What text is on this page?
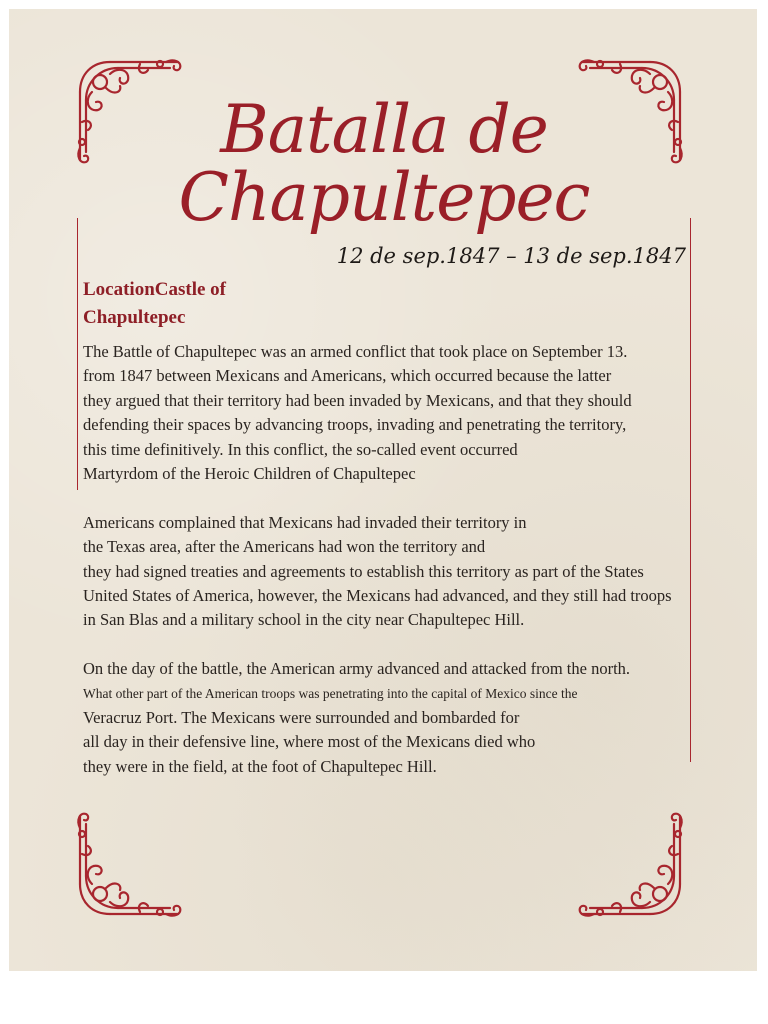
Batalla de
Chapultepec
12 de sep.1847 – 13 de sep.1847
LocationCastle of
Chapultepec
The Battle of Chapultepec was an armed conflict that took place on September 13.
from 1847 between Mexicans and Americans, which occurred because the latter
they argued that their territory had been invaded by Mexicans, and that they should
defending their spaces by advancing troops, invading and penetrating the territory,
this time definitively. In this conflict, the so-called event occurred
Martyrdom of the Heroic Children of Chapultepec
Americans complained that Mexicans had invaded their territory in
the Texas area, after the Americans had won the territory and
they had signed treaties and agreements to establish this territory as part of the States
United States of America, however, the Mexicans had advanced, and they still had troops
in San Blas and a military school in the city near Chapultepec Hill.
On the day of the battle, the American army advanced and attacked from the north.
What other part of the American troops was penetrating into the capital of Mexico since the
Veracruz Port. The Mexicans were surrounded and bombarded for
all day in their defensive line, where most of the Mexicans died who
they were in the field, at the foot of Chapultepec Hill.
